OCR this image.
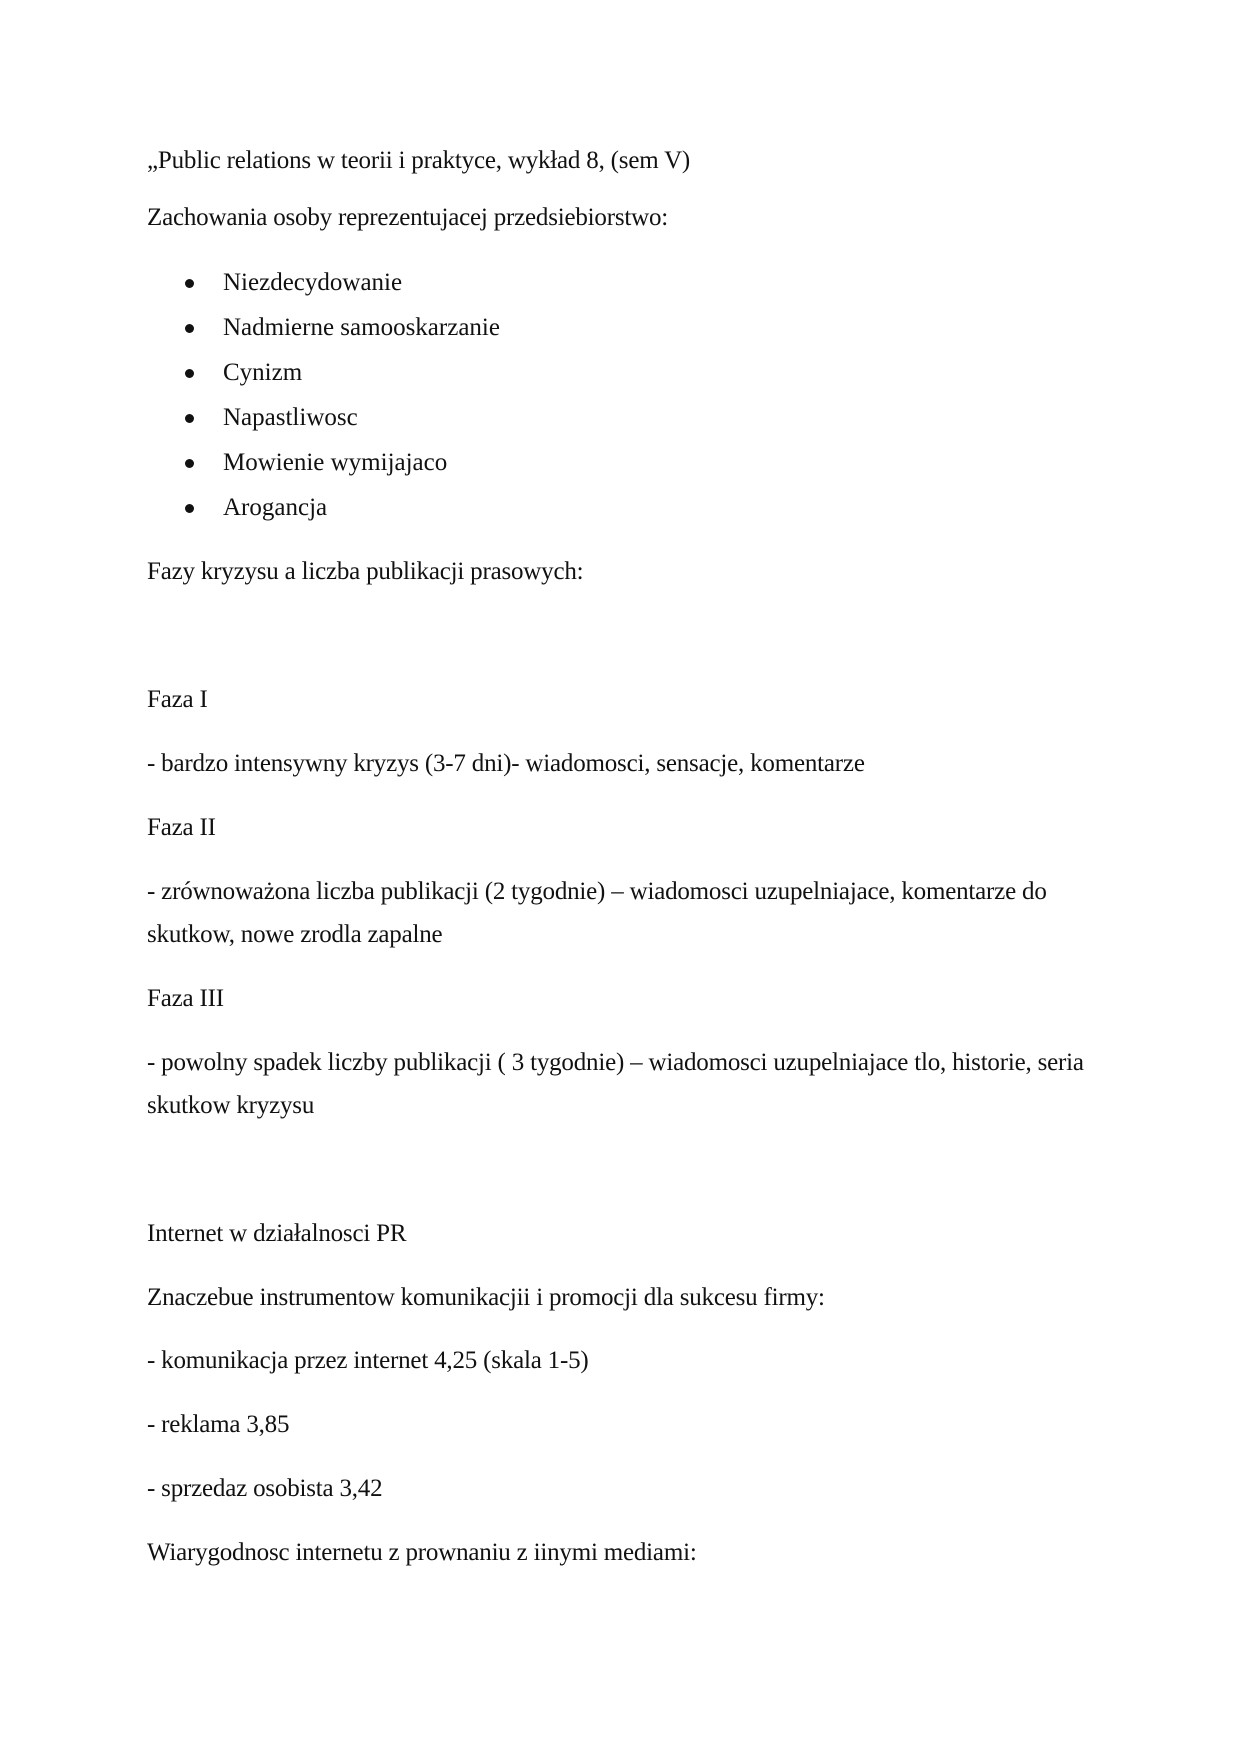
„Public relations w teorii i praktyce, wykład 8, (sem V)
Zachowania osoby reprezentujacej przedsiebiorstwo:
Niezdecydowanie
Nadmierne samooskarzanie
Cynizm
Napastliwosc
Mowienie wymijajaco
Arogancja
Fazy kryzysu a liczba publikacji prasowych:
Faza I
- bardzo intensywny kryzys (3-7 dni)- wiadomosci, sensacje, komentarze
Faza II
- zrównoważona liczba publikacji (2 tygodnie) – wiadomosci uzupelniajace, komentarze do skutkow, nowe zrodla zapalne
Faza III
- powolny spadek liczby publikacji ( 3 tygodnie) – wiadomosci uzupelniajace tlo, historie, seria skutkow kryzysu
Internet w działalnosci PR
Znaczebue instrumentow komunikacjii i promocji dla sukcesu firmy:
- komunikacja przez internet 4,25 (skala 1-5)
- reklama 3,85
- sprzedaz osobista 3,42
Wiarygodnosc internetu z prownaniu z iinymi mediami:
